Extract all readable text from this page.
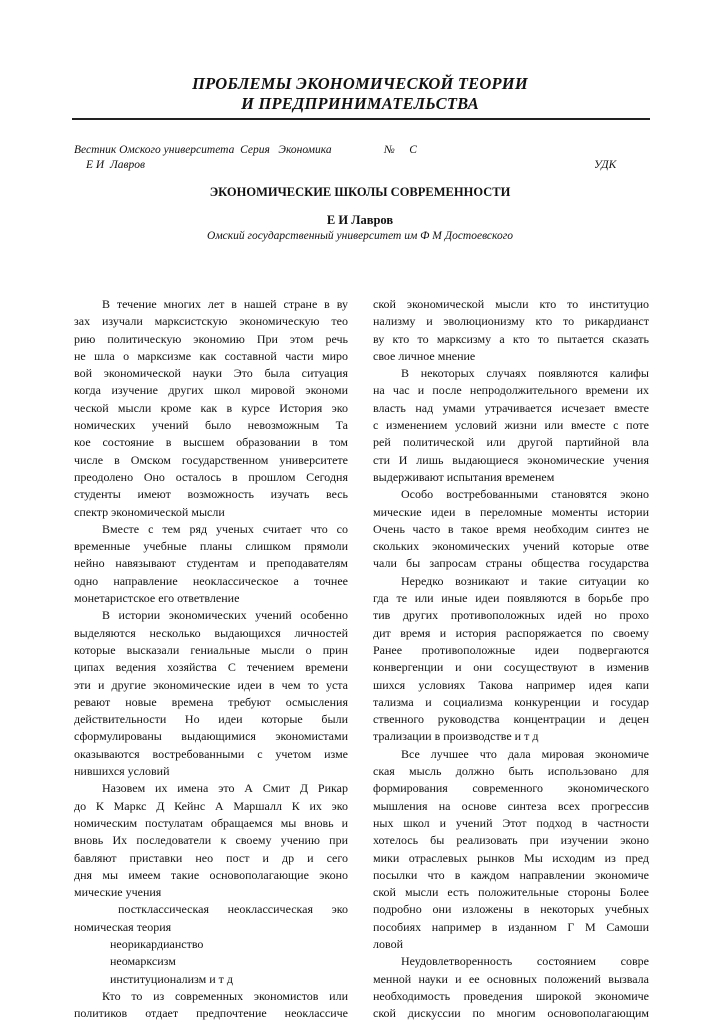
ПРОБЛЕМЫ ЭКОНОМИЧЕСКОЙ ТЕОРИИ
И ПРЕДПРИНИМАТЕЛЬСТВА
Вестник Омского университета  Серия   Экономика	№     С
Е И  Лавров	УДК
ЭКОНОМИЧЕСКИЕ ШКОЛЫ СОВРЕМЕННОСТИ
Е И Лавров
Омский государственный университет им Ф М Достоевского
В течение многих лет в нашей стране в ву
зах изучали марксистскую экономическую тео
рию политическую экономию При этом речь
не шла о марксизме как составной части миро
вой экономической науки Это была ситуация
когда изучение других школ мировой экономи
ческой мысли кроме как в курсе История эко
номических учений было невозможным Та
кое состояние в высшем образовании в том
числе в Омском государственном университете
преодолено Оно осталось в прошлом Сегодня
студенты имеют возможность изучать весь
спектр экономической мысли
Вместе с тем ряд ученых считает что со
временные учебные планы слишком прямоли
нейно навязывают студентам и преподавателям
одно направление неоклассическое а точнее
монетаристское его ответвление
В истории экономических учений особенно
выделяются несколько выдающихся личностей
которые высказали гениальные мысли о прин
ципах ведения хозяйства С течением времени
эти и другие экономические идеи в чем то уста
ревают новые времена требуют осмысления
действительности Но идеи которые были
сформулированы выдающимися экономистами
оказываются востребованными с учетом изме
нившихся условий
Назовем их имена это А Смит Д Рикар
до К Маркс Д Кейнс А Маршалл К их эко
номическим постулатам обращаемся мы вновь и
вновь Их последователи к своему учению при
бавляют приставки нео пост и др и сего
дня мы имеем такие основополагающие эконо
мические учения
посткласcическая неоклассическая эко
номическая теория
неорикардианство
неомарксизм
институционализм и т д
Кто то из современных экономистов или
политиков отдает предпочтение неоклассиче
ской экономической мысли кто то институцио
нализму и эволюционизму кто то рикардианст
ву кто то марксизму а кто то пытается сказать
свое личное мнение
В некоторых случаях появляются калифы
на час и после непродолжительного времени их
власть над умами утрачивается исчезает вместе
с изменением условий жизни или вместе с поте
рей политической или другой партийной вла
сти И лишь выдающиеся экономические учения
выдерживают испытания временем
Особо востребованными становятся эконо
мические идеи в переломные моменты истории
Очень часто в такое время необходим синтез не
скольких экономических учений которые отве
чали бы запросам страны общества государства
Нередко возникают и такие ситуации ко
гда те или иные идеи появляются в борьбе про
тив других противоположных идей но прохо
дит время и история распоряжается по своему
Ранее противоположные идеи подвергаются
конвергенции и они сосуществуют в изменив
шихся условиях Такова например идея капи
тализма и социализма конкуренции и государ
ственного руководства концентрации и децен
трализации в производстве и т д
Все лучшее что дала мировая экономиче
ская мысль должно быть использовано для
формирования современного экономического
мышления на основе синтеза всех прогрессив
ных школ и учений Этот подход в частности
хотелось бы реализовать при изучении эконо
мики отраслевых рынков Мы исходим из пред
посылки что в каждом направлении экономиче
ской мысли есть положительные стороны Более
подробно они изложены в некоторых учебных
пособиях например в изданном Г М Самоши
ловой
Неудовлетворенность состоянием совре
менной науки и ее основных положений вызвала
необходимость проведения широкой экономиче
ской дискуссии по многим основополагающим
